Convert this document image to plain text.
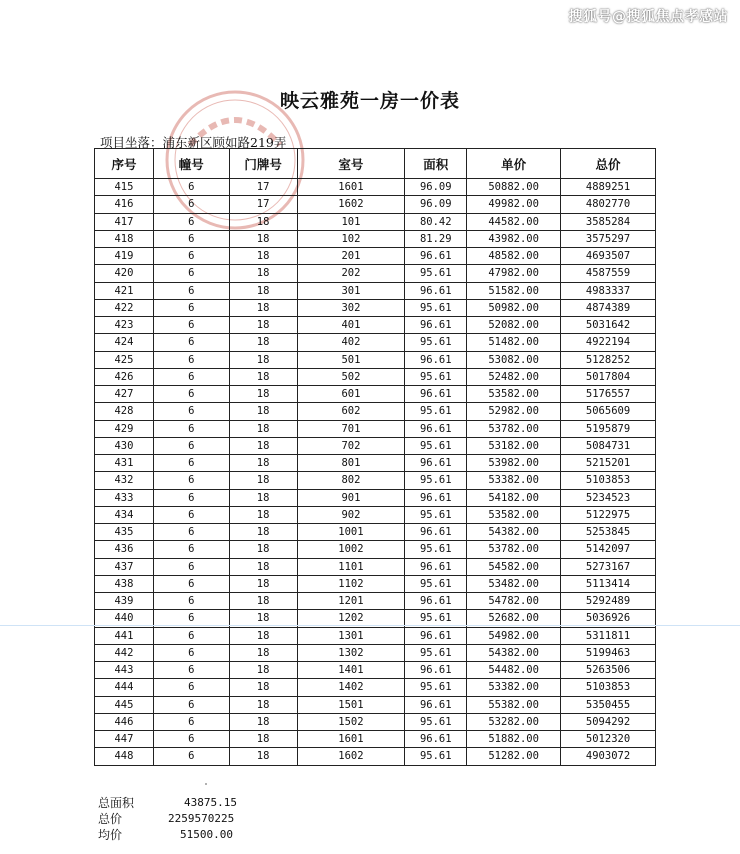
搜狐号@搜狐焦点孝感站
映云雅苑一房一价表
项目坐落：浦东新区顾如路219弄
序号	幢号	门牌号	室号	面积	单价	总价
415	6	17	1601	96.09	50882.00	4889251
416	6	17	1602	96.09	49982.00	4802770
417	6	18	101	80.42	44582.00	3585284
418	6	18	102	81.29	43982.00	3575297
419	6	18	201	96.61	48582.00	4693507
420	6	18	202	95.61	47982.00	4587559
421	6	18	301	96.61	51582.00	4983337
422	6	18	302	95.61	50982.00	4874389
423	6	18	401	96.61	52082.00	5031642
424	6	18	402	95.61	51482.00	4922194
425	6	18	501	96.61	53082.00	5128252
426	6	18	502	95.61	52482.00	5017804
427	6	18	601	96.61	53582.00	5176557
428	6	18	602	95.61	52982.00	5065609
429	6	18	701	96.61	53782.00	5195879
430	6	18	702	95.61	53182.00	5084731
431	6	18	801	96.61	53982.00	5215201
432	6	18	802	95.61	53382.00	5103853
433	6	18	901	96.61	54182.00	5234523
434	6	18	902	95.61	53582.00	5122975
435	6	18	1001	96.61	54382.00	5253845
436	6	18	1002	95.61	53782.00	5142097
437	6	18	1101	96.61	54582.00	5273167
438	6	18	1102	95.61	53482.00	5113414
439	6	18	1201	96.61	54782.00	5292489
440	6	18	1202	95.61	52682.00	5036926
441	6	18	1301	96.61	54982.00	5311811
442	6	18	1302	95.61	54382.00	5199463
443	6	18	1401	96.61	54482.00	5263506
444	6	18	1402	95.61	53382.00	5103853
445	6	18	1501	96.61	55382.00	5350455
446	6	18	1502	95.61	53282.00	5094292
447	6	18	1601	96.61	51882.00	5012320
448	6	18	1602	95.61	51282.00	4903072
总面积	43875.15
总价	2259570225
均价	51500.00
